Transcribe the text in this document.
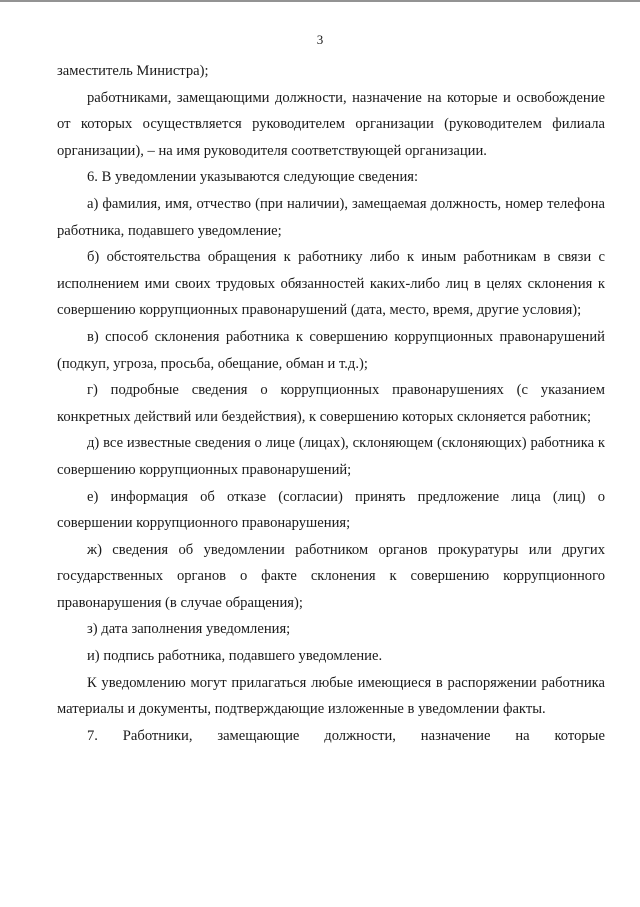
3

заместитель Министра);

работниками, замещающими должности, назначение на которые и освобождение от которых осуществляется руководителем организации (руководителем филиала организации), – на имя руководителя соответствующей организации.

6. В уведомлении указываются следующие сведения:

а) фамилия, имя, отчество (при наличии), замещаемая должность, номер телефона работника, подавшего уведомление;

б) обстоятельства обращения к работнику либо к иным работникам в связи с исполнением ими своих трудовых обязанностей каких-либо лиц в целях склонения к совершению коррупционных правонарушений (дата, место, время, другие условия);

в) способ склонения работника к совершению коррупционных правонарушений (подкуп, угроза, просьба, обещание, обман и т.д.);

г) подробные сведения о коррупционных правонарушениях (с указанием конкретных действий или бездействия), к совершению которых склоняется работник;

д) все известные сведения о лице (лицах), склоняющем (склоняющих) работника к совершению коррупционных правонарушений;

е) информация об отказе (согласии) принять предложение лица (лиц) о совершении коррупционного правонарушения;

ж) сведения об уведомлении работником органов прокуратуры или других государственных органов о факте склонения к совершению коррупционного правонарушения (в случае обращения);

з) дата заполнения уведомления;

и) подпись работника, подавшего уведомление.

К уведомлению могут прилагаться любые имеющиеся в распоряжении работника материалы и документы, подтверждающие изложенные в уведомлении факты.

7. Работники, замещающие должности, назначение на которые
